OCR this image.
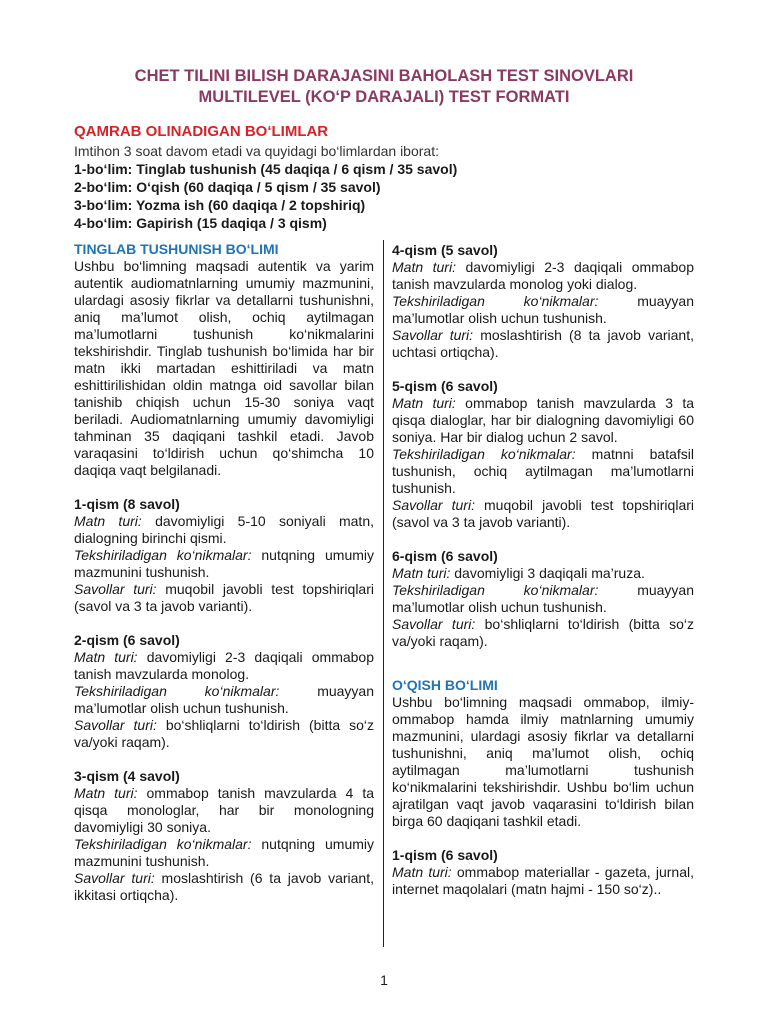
CHET TILINI BILISH DARAJASINI BAHOLASH TEST SINOVLARI
MULTILEVEL (KO‘P DARAJALI) TEST FORMATI
QAMRAB OLINADIGAN BO‘LIMLAR
Imtihon 3 soat davom etadi va quyidagi bo‘limlardan iborat:
1-bo‘lim: Tinglab tushunish (45 daqiqa / 6 qism / 35 savol)
2-bo‘lim: O‘qish (60 daqiqa / 5 qism / 35 savol)
3-bo‘lim: Yozma ish (60 daqiqa / 2 topshiriq)
4-bo‘lim: Gapirish (15 daqiqa / 3 qism)
TINGLAB TUSHUNISH BO‘LIMI
Ushbu bo‘limning maqsadi autentik va yarim autentik audiomatnlarning umumiy mazmunini, ulardagi asosiy fikrlar va detallarni tushunishni, aniq ma’lumot olish, ochiq aytilmagan ma’lumotlarni tushunish ko‘nikmalarini tekshirishdir. Tinglab tushunish bo‘limida har bir matn ikki martadan eshittiriladi va matn eshittirilishidan oldin matnga oid savollar bilan tanishib chiqish uchun 15-30 soniya vaqt beriladi. Audiomatnlarning umumiy davomiyligi tahminan 35 daqiqani tashkil etadi. Javob varaqasini to‘ldirish uchun qo‘shimcha 10 daqiqa vaqt belgilanadi.
1-qism (8 savol)
Matn turi: davomiyligi 5-10 soniyali matn, dialogning birinchi qismi.
Tekshiriladigan ko‘nikmalar: nutqning umumiy mazmunini tushunish.
Savollar turi: muqobil javobli test topshiriqlari (savol va 3 ta javob varianti).
2-qism (6 savol)
Matn turi: davomiyligi 2-3 daqiqali ommabop tanish mavzularda monolog.
Tekshiriladigan ko‘nikmalar:	muayyan ma’lumotlar olish uchun tushunish.
Savollar turi: bo‘shliqlarni to‘ldirish (bitta so‘z va/yoki raqam).
3-qism (4 savol)
Matn turi: ommabop tanish mavzularda 4 ta qisqa monologlar, har bir monologning davomiyligi 30 soniya.
Tekshiriladigan ko‘nikmalar: nutqning umumiy mazmunini tushunish.
Savollar turi: moslashtirish (6 ta javob variant, ikkitasi ortiqcha).
4-qism (5 savol)
Matn turi: davomiyligi 2-3 daqiqali ommabop tanish mavzularda monolog yoki dialog.
Tekshiriladigan ko‘nikmalar:	muayyan ma’lumotlar olish uchun tushunish.
Savollar turi: moslashtirish (8 ta javob variant, uchtasi ortiqcha).
5-qism (6 savol)
Matn turi: ommabop tanish mavzularda 3 ta qisqa dialoglar, har bir dialogning davomiyligi 60 soniya. Har bir dialog uchun 2 savol.
Tekshiriladigan ko‘nikmalar: matnni batafsil tushunish, ochiq aytilmagan ma’lumotlarni tushunish.
Savollar turi: muqobil javobli test topshiriqlari (savol va 3 ta javob varianti).
6-qism (6 savol)
Matn turi: davomiyligi 3 daqiqali ma’ruza.
Tekshiriladigan ko‘nikmalar:	muayyan ma’lumotlar olish uchun tushunish.
Savollar turi: bo‘shliqlarni to‘ldirish (bitta so‘z va/yoki raqam).
O‘QISH BO‘LIMI
Ushbu bo‘limning maqsadi ommabop, ilmiy-ommabop hamda ilmiy matnlarning umumiy mazmunini, ulardagi asosiy fikrlar va detallarni tushunishni, aniq ma’lumot olish, ochiq aytilmagan ma’lumotlarni tushunish ko‘nikmalarini tekshirishdir. Ushbu bo‘lim uchun ajratilgan vaqt javob vaqarasini to‘ldirish bilan birga 60 daqiqani tashkil etadi.
1-qism (6 savol)
Matn turi: ommabop materiallar - gazeta, jurnal, internet maqolalari (matn hajmi - 150 so‘z)..
1
